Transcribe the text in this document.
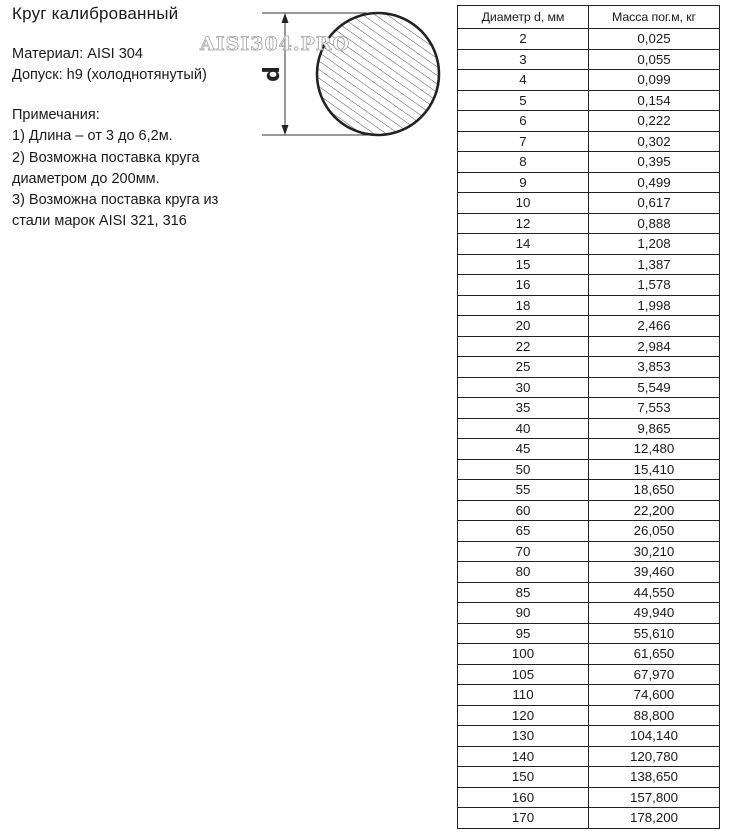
Круг калиброванный
Материал: AISI 304
Допуск: h9 (холоднотянутый)
Примечания:
1) Длина – от 3 до 6,2м.
2) Возможна поставка круга
диаметром до 200мм.
3) Возможна поставка круга из
стали марок AISI 321, 316
d
AISI304.PRO
Диаметр d, мм	Масса пог.м, кг
2	0,025
3	0,055
4	0,099
5	0,154
6	0,222
7	0,302
8	0,395
9	0,499
10	0,617
12	0,888
14	1,208
15	1,387
16	1,578
18	1,998
20	2,466
22	2,984
25	3,853
30	5,549
35	7,553
40	9,865
45	12,480
50	15,410
55	18,650
60	22,200
65	26,050
70	30,210
80	39,460
85	44,550
90	49,940
95	55,610
100	61,650
105	67,970
110	74,600
120	88,800
130	104,140
140	120,780
150	138,650
160	157,800
170	178,200
